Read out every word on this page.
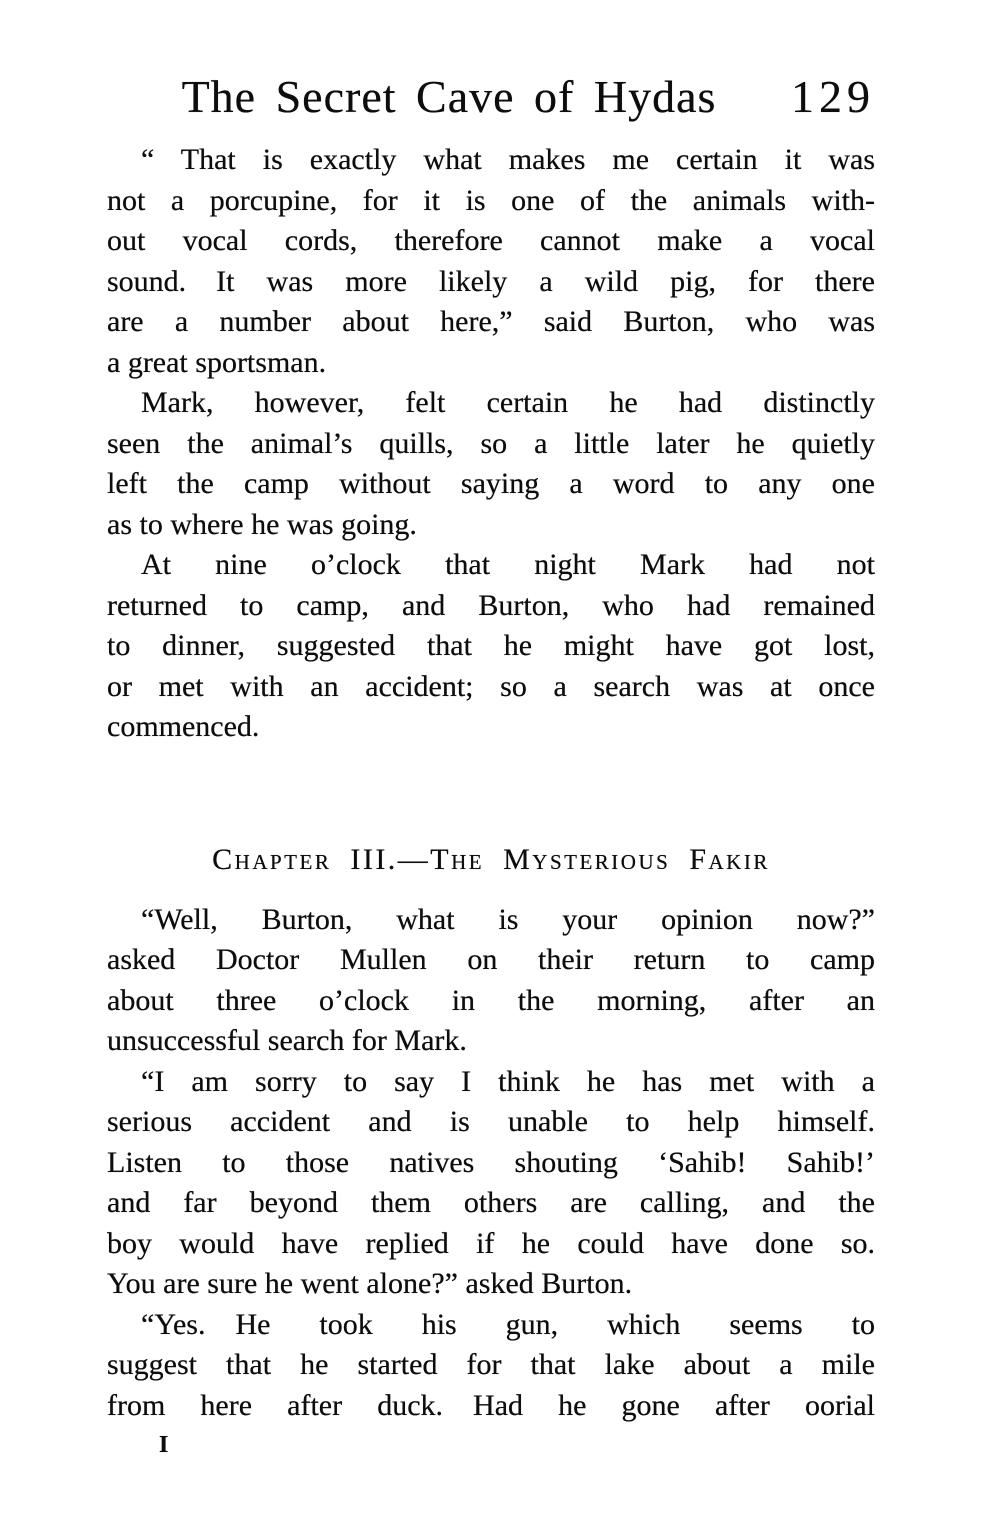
The Secret Cave of Hydas	129

“ That is exactly what makes me certain it was
not a porcupine, for it is one of the animals with-
out vocal cords, therefore cannot make a vocal
sound. It was more likely a wild pig, for there
are a number about here,” said Burton, who was
a great sportsman.

Mark, however, felt certain he had distinctly
seen the animal’s quills, so a little later he quietly
left the camp without saying a word to any one
as to where he was going.

At nine o’clock that night Mark had not
returned to camp, and Burton, who had remained
to dinner, suggested that he might have got lost,
or met with an accident; so a search was at once
commenced.

Chapter III.—The Mysterious Fakir

“Well, Burton, what is your opinion now?”
asked Doctor Mullen on their return to camp
about three o’clock in the morning, after an
unsuccessful search for Mark.

“I am sorry to say I think he has met with a
serious accident and is unable to help himself.
Listen to those natives shouting ‘Sahib! Sahib!’
and far beyond them others are calling, and the
boy would have replied if he could have done so.
You are sure he went alone?” asked Burton.

“Yes. He took his gun, which seems to
suggest that he started for that lake about a mile
from here after duck. Had he gone after oorial

I
